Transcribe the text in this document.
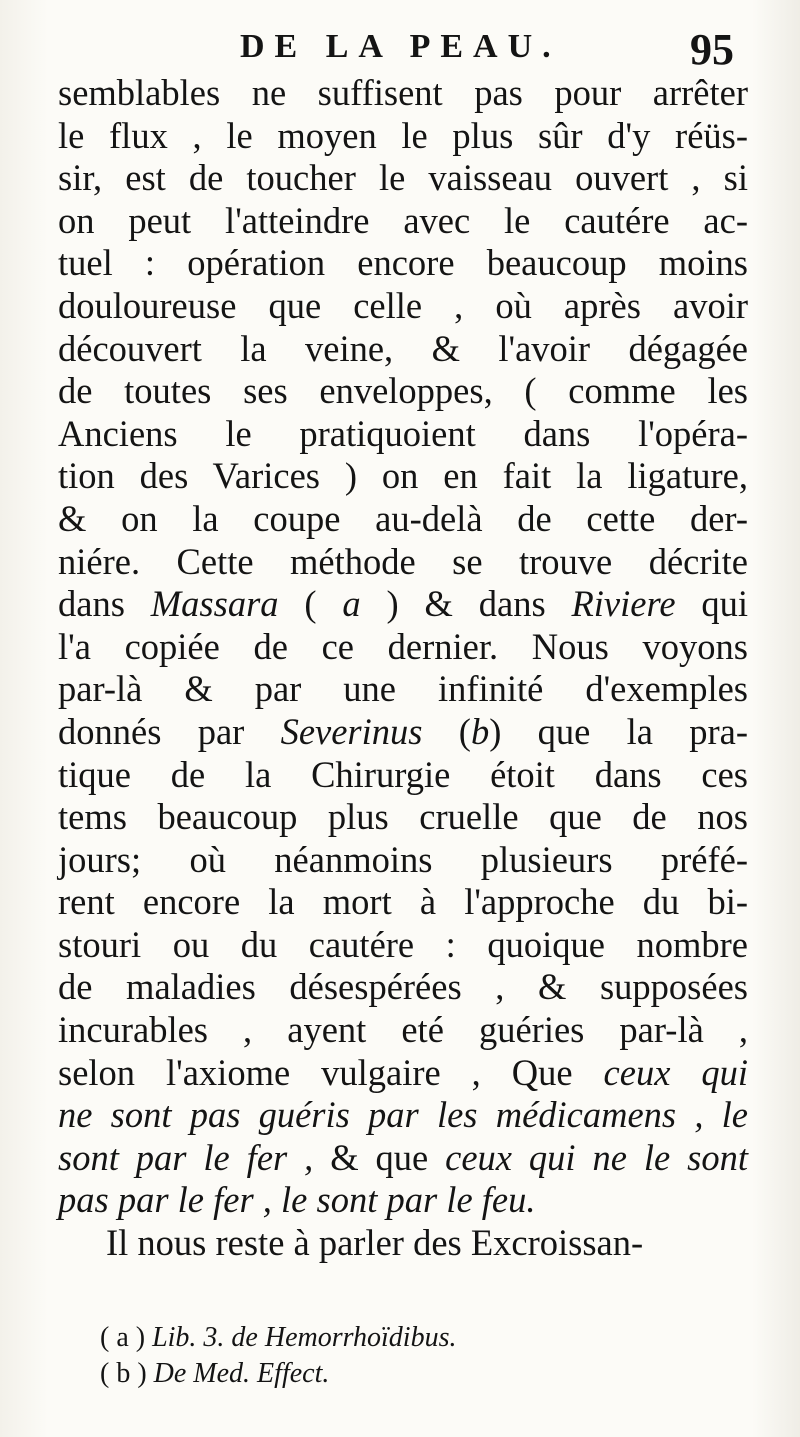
DE LA PEAU.	95
semblables ne suffisent pas pour arrêter
le flux , le moyen le plus sûr d'y réüs-
sir, est de toucher le vaisseau ouvert , si
on peut l'atteindre avec le cautére ac-
tuel : opération encore beaucoup moins
douloureuse que celle , où après avoir
découvert la veine, & l'avoir dégagée
de toutes ses enveloppes, ( comme les
Anciens le pratiquoient dans l'opéra-
tion des Varices ) on en fait la ligature,
& on la coupe au-delà de cette der-
niére. Cette méthode se trouve décrite
dans Massara ( a ) & dans Riviere qui
l'a copiée de ce dernier. Nous voyons
par-là & par une infinité d'exemples
donnés par Severinus (b) que la pra-
tique de la Chirurgie étoit dans ces
tems beaucoup plus cruelle que de nos
jours; où néanmoins plusieurs préfé-
rent encore la mort à l'approche du bi-
stouri ou du cautére : quoique nombre
de maladies désespérées , & supposées
incurables , ayent eté guéries par-là ,
selon l'axiome vulgaire , Que ceux qui
ne sont pas guéris par les médicamens , le
sont par le fer , & que ceux qui ne le sont
pas par le fer , le sont par le feu.
Il nous reste à parler des Excroissan-
( a ) Lib. 3. de Hemorrhoïdibus.
( b ) De Med. Effect.
